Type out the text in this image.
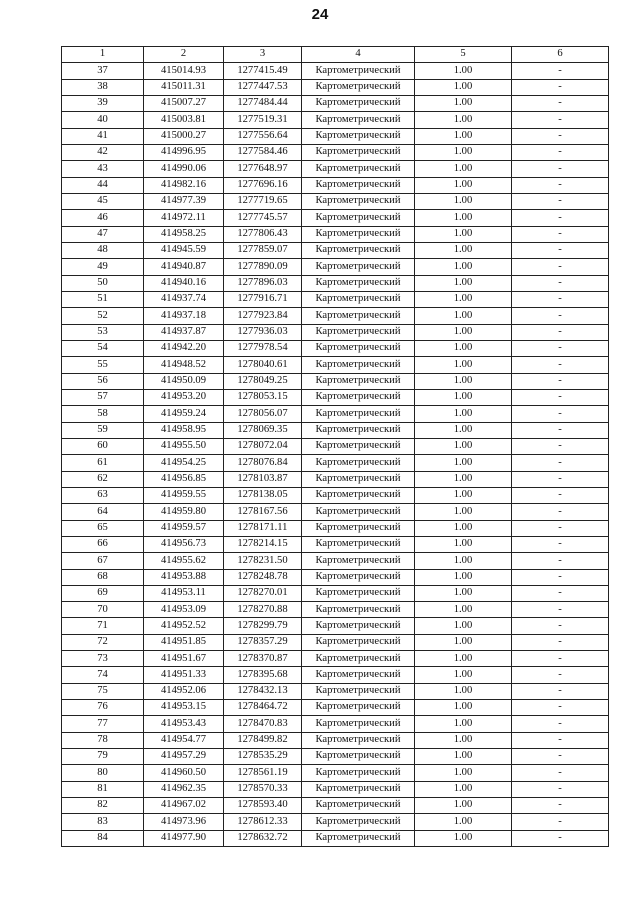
24
1	2	3	4	5	6
37	415014.93	1277415.49	Картометрический	1.00	-
38	415011.31	1277447.53	Картометрический	1.00	-
39	415007.27	1277484.44	Картометрический	1.00	-
40	415003.81	1277519.31	Картометрический	1.00	-
41	415000.27	1277556.64	Картометрический	1.00	-
42	414996.95	1277584.46	Картометрический	1.00	-
43	414990.06	1277648.97	Картометрический	1.00	-
44	414982.16	1277696.16	Картометрический	1.00	-
45	414977.39	1277719.65	Картометрический	1.00	-
46	414972.11	1277745.57	Картометрический	1.00	-
47	414958.25	1277806.43	Картометрический	1.00	-
48	414945.59	1277859.07	Картометрический	1.00	-
49	414940.87	1277890.09	Картометрический	1.00	-
50	414940.16	1277896.03	Картометрический	1.00	-
51	414937.74	1277916.71	Картометрический	1.00	-
52	414937.18	1277923.84	Картометрический	1.00	-
53	414937.87	1277936.03	Картометрический	1.00	-
54	414942.20	1277978.54	Картометрический	1.00	-
55	414948.52	1278040.61	Картометрический	1.00	-
56	414950.09	1278049.25	Картометрический	1.00	-
57	414953.20	1278053.15	Картометрический	1.00	-
58	414959.24	1278056.07	Картометрический	1.00	-
59	414958.95	1278069.35	Картометрический	1.00	-
60	414955.50	1278072.04	Картометрический	1.00	-
61	414954.25	1278076.84	Картометрический	1.00	-
62	414956.85	1278103.87	Картометрический	1.00	-
63	414959.55	1278138.05	Картометрический	1.00	-
64	414959.80	1278167.56	Картометрический	1.00	-
65	414959.57	1278171.11	Картометрический	1.00	-
66	414956.73	1278214.15	Картометрический	1.00	-
67	414955.62	1278231.50	Картометрический	1.00	-
68	414953.88	1278248.78	Картометрический	1.00	-
69	414953.11	1278270.01	Картометрический	1.00	-
70	414953.09	1278270.88	Картометрический	1.00	-
71	414952.52	1278299.79	Картометрический	1.00	-
72	414951.85	1278357.29	Картометрический	1.00	-
73	414951.67	1278370.87	Картометрический	1.00	-
74	414951.33	1278395.68	Картометрический	1.00	-
75	414952.06	1278432.13	Картометрический	1.00	-
76	414953.15	1278464.72	Картометрический	1.00	-
77	414953.43	1278470.83	Картометрический	1.00	-
78	414954.77	1278499.82	Картометрический	1.00	-
79	414957.29	1278535.29	Картометрический	1.00	-
80	414960.50	1278561.19	Картометрический	1.00	-
81	414962.35	1278570.33	Картометрический	1.00	-
82	414967.02	1278593.40	Картометрический	1.00	-
83	414973.96	1278612.33	Картометрический	1.00	-
84	414977.90	1278632.72	Картометрический	1.00	-
